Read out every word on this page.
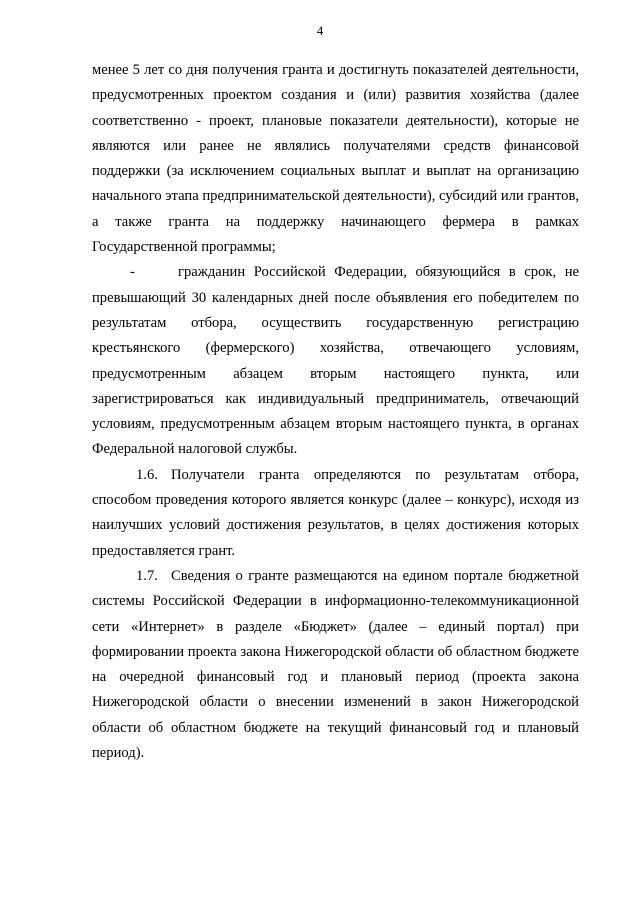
4

менее 5 лет со дня получения гранта и достигнуть показателей деятельности, предусмотренных проектом создания и (или) развития хозяйства (далее соответственно - проект, плановые показатели деятельности), которые не являются или ранее не являлись получателями средств финансовой поддержки (за исключением социальных выплат и выплат на организацию начального этапа предпринимательской деятельности), субсидий или грантов, а также гранта на поддержку начинающего фермера в рамках Государственной программы;

-	гражданин Российской Федерации, обязующийся в срок, не превышающий 30 календарных дней после объявления его победителем по результатам отбора, осуществить государственную регистрацию крестьянского (фермерского) хозяйства, отвечающего условиям, предусмотренным абзацем вторым настоящего пункта, или зарегистрироваться как индивидуальный предприниматель, отвечающий условиям, предусмотренным абзацем вторым настоящего пункта, в органах Федеральной налоговой службы.

1.6. Получатели гранта определяются по результатам отбора, способом проведения которого является конкурс (далее – конкурс), исходя из наилучших условий достижения результатов, в целях достижения которых предоставляется грант.

1.7. Сведения о гранте размещаются на едином портале бюджетной системы Российской Федерации в информационно-телекоммуникационной сети «Интернет» в разделе «Бюджет» (далее – единый портал) при формировании проекта закона Нижегородской области об областном бюджете на очередной финансовый год и плановый период (проекта закона Нижегородской области о внесении изменений в закон Нижегородской области об областном бюджете на текущий финансовый год и плановый период).
